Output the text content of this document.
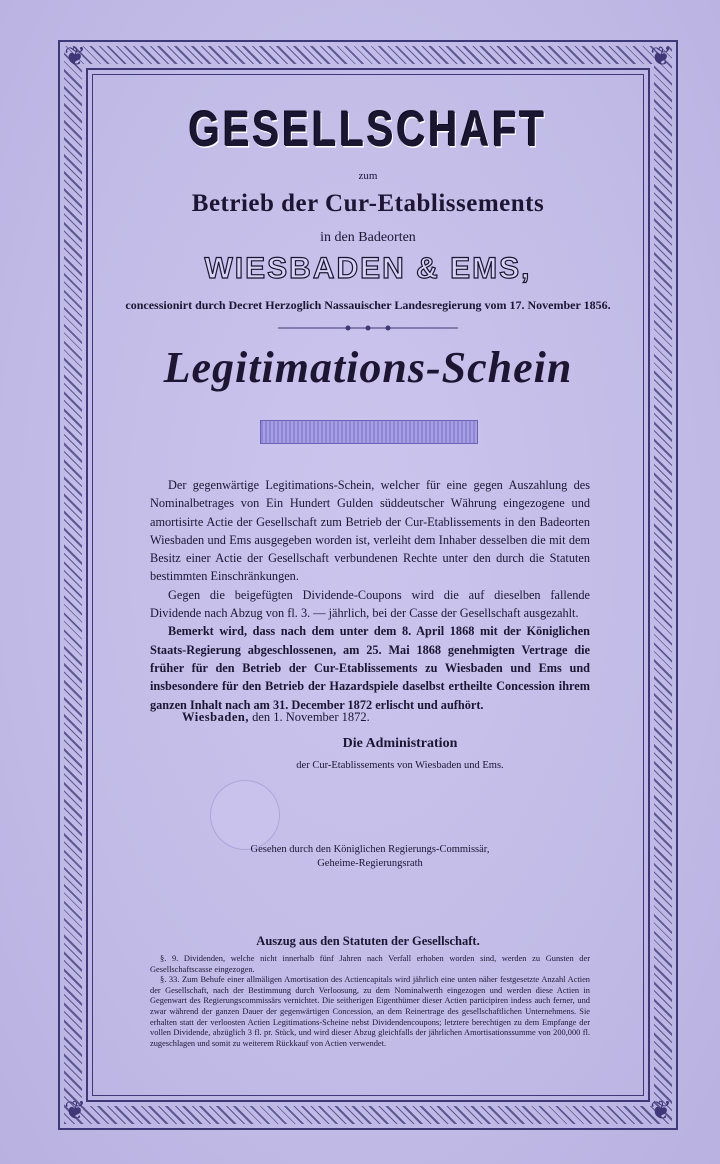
❦	❦
❦	❦
GESELLSCHAFT
zum
Betrieb der Cur-Etablissements
in den Badeorten
WIESBADEN & EMS,
concessionirt durch Decret Herzoglich Nassauischer Landesregierung vom 17. November 1856.
Legitimations-Schein

Der gegenwärtige Legitimations-Schein, welcher für eine gegen Auszahlung des Nominalbetrages von Ein Hundert Gulden süddeutscher Währung eingezogene und amortisirte Actie der Gesellschaft zum Betrieb der Cur-Etablissements in den Badeorten Wiesbaden und Ems ausgegeben worden ist, verleiht dem Inhaber desselben die mit dem Besitz einer Actie der Gesellschaft verbundenen Rechte unter den durch die Statuten bestimmten Einschränkungen.

Gegen die beigefügten Dividende-Coupons wird die auf dieselben fallende Dividende nach Abzug von fl. 3. — jährlich, bei der Casse der Gesellschaft ausgezahlt.

Bemerkt wird, dass nach dem unter dem 8. April 1868 mit der Königlichen Staats-Regierung abgeschlossenen, am 25. Mai 1868 genehmigten Vertrage die früher für den Betrieb der Cur-Etablissements zu Wiesbaden und Ems und insbesondere für den Betrieb der Hazardspiele daselbst ertheilte Concession ihrem ganzen Inhalt nach am 31. December 1872 erlischt und aufhört.

Wiesbaden, den 1. November 1872.
Die Administration
der Cur-Etablissements von Wiesbaden und Ems.
Gesehen durch den Königlichen Regierungs-Commissär,
Geheime-Regierungsrath
Auszug aus den Statuten der Gesellschaft.

§. 9. Dividenden, welche nicht innerhalb fünf Jahren nach Verfall erhoben worden sind, werden zu Gunsten der Gesellschaftscasse eingezogen.

§. 33. Zum Behufe einer allmäligen Amortisation des Actiencapitals wird jährlich eine unten näher festgesetzte Anzahl Actien der Gesellschaft, nach der Bestimmung durch Verloosung, zu dem Nominalwerth eingezogen und werden diese Actien in Gegenwart des Regierungscommissärs vernichtet. Die seitherigen Eigenthümer dieser Actien participiren indess auch ferner, und zwar während der ganzen Dauer der gegenwärtigen Concession, an dem Reinertrage des gesellschaftlichen Unternehmens. Sie erhalten statt der verloosten Actien Legitimations-Scheine nebst Dividendencoupons; letztere berechtigen zu dem Empfange der vollen Dividende, abzüglich 3 fl. pr. Stück, und wird dieser Abzug gleichfalls der jährlichen Amortisationssumme von 200,000 fl. zugeschlagen und somit zu weiterem Rückkauf von Actien verwendet.
